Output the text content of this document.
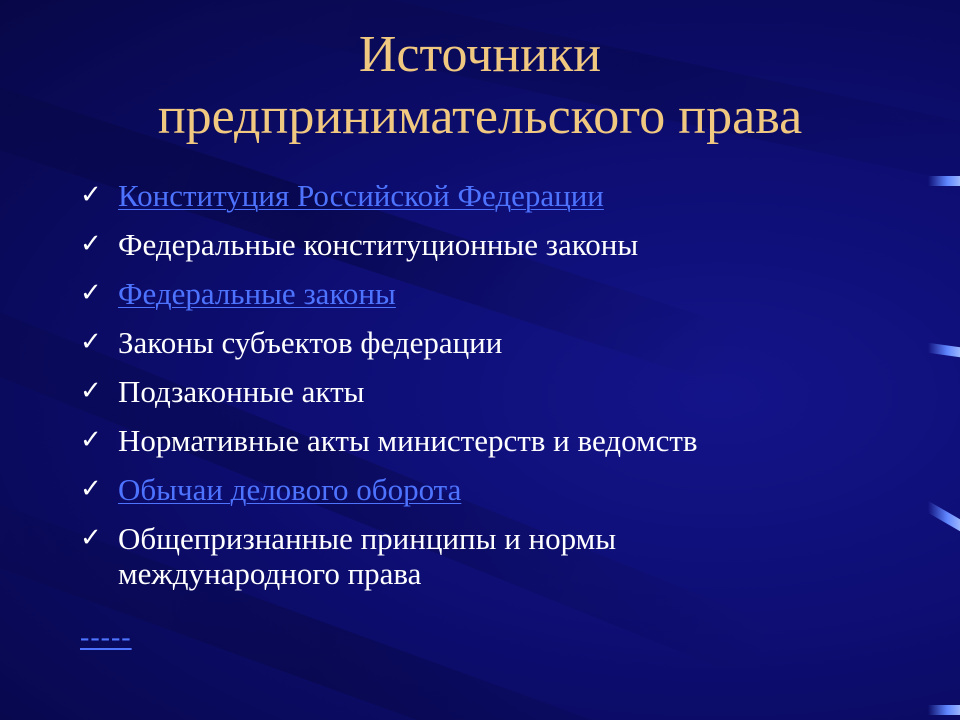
Источники
предпринимательского права
✓ Конституция Российской Федерации
✓ Федеральные конституционные законы
✓ Федеральные законы
✓ Законы субъектов федерации
✓ Подзаконные акты
✓ Нормативные акты министерств и ведомств
✓ Обычаи делового оборота
✓ Общепризнанные принципы и нормы международного права
-----
